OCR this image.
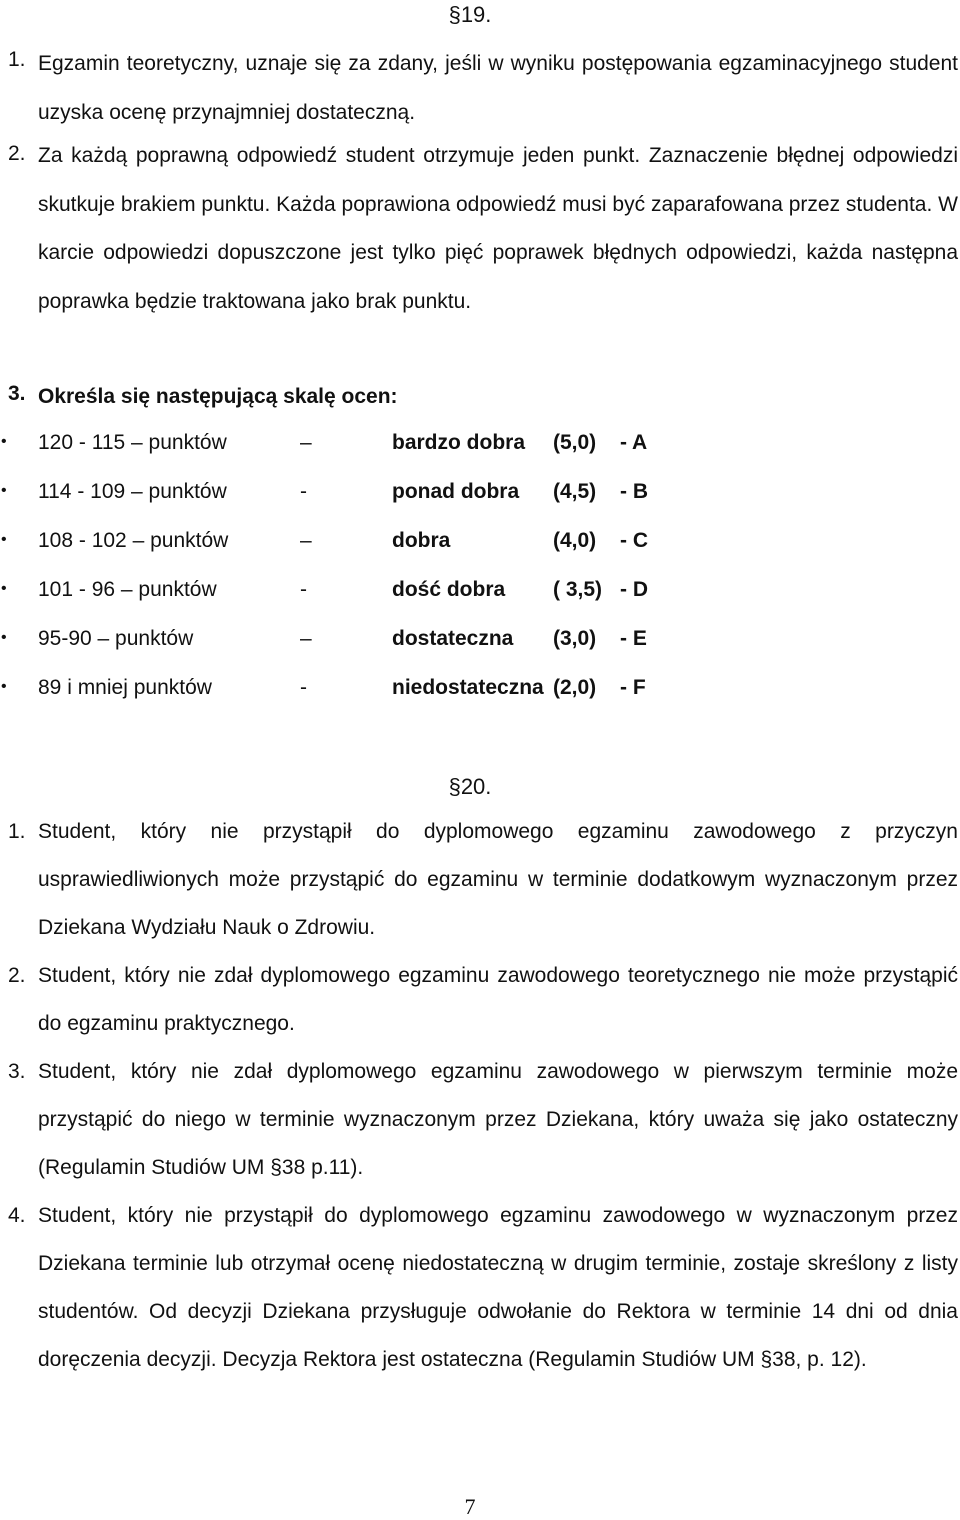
§19.
1. Egzamin teoretyczny, uznaje się za zdany, jeśli w wyniku postępowania egzaminacyjnego student uzyska ocenę przynajmniej dostateczną.
2. Za każdą poprawną odpowiedź student otrzymuje jeden punkt. Zaznaczenie błędnej odpowiedzi skutkuje brakiem punktu. Każda poprawiona odpowiedź musi być zaparafowana przez studenta. W karcie odpowiedzi dopuszczone jest tylko pięć poprawek błędnych odpowiedzi, każda następna poprawka będzie traktowana jako brak punktu.
3. Określa się następującą skalę ocen:
• 120 - 115 – punktów	–	bardzo dobra (5,0) - A
• 114 - 109 – punktów	-	ponad dobra (4,5) - B
• 108 - 102 – punktów	–	dobra	(4,0) - C
• 101 - 96 – punktów	-	dość dobra ( 3,5) - D
• 95-90 – punktów	–	dostateczna (3,0) - E
• 89 i mniej punktów	-	niedostateczna (2,0) - F
§20.
1. Student, który nie przystąpił do dyplomowego egzaminu zawodowego z przyczyn usprawiedliwionych może przystąpić do egzaminu w terminie dodatkowym wyznaczonym przez Dziekana Wydziału Nauk o Zdrowiu.
2. Student, który nie zdał dyplomowego egzaminu zawodowego teoretycznego nie może przystąpić do egzaminu praktycznego.
3. Student, który nie zdał dyplomowego egzaminu zawodowego w pierwszym terminie może przystąpić do niego w terminie wyznaczonym przez Dziekana, który uważa się jako ostateczny (Regulamin Studiów UM §38 p.11).
4. Student, który nie przystąpił do dyplomowego egzaminu zawodowego w wyznaczonym przez Dziekana terminie lub otrzymał ocenę niedostateczną w drugim terminie, zostaje skreślony z listy studentów. Od decyzji Dziekana przysługuje odwołanie do Rektora w terminie 14 dni od dnia doręczenia decyzji. Decyzja Rektora jest ostateczna (Regulamin Studiów UM §38, p. 12).
7
